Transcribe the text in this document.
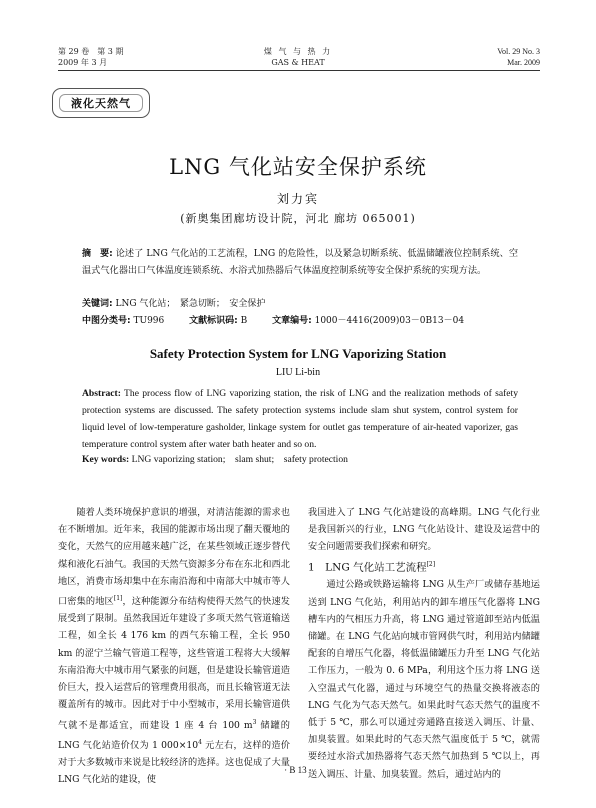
第 29 卷　第 3 期
2009 年 3 月
煤 气 与 热 力
GAS & HEAT
Vol. 29 No. 3
Mar. 2009
液化天然气
LNG 气化站安全保护系统
刘力宾
(新奥集团廊坊设计院，河北 廊坊 065001)
摘　要: 论述了 LNG 气化站的工艺流程，LNG 的危险性，以及紧急切断系统、低温储罐液位控制系统、空温式气化器出口气体温度连锁系统、水浴式加热器后气体温度控制系统等安全保护系统的实现方法。
关键词: LNG 气化站；　紧急切断；　安全保护
中图分类号: TU996	文献标识码: B	文章编号: 1000－4416(2009)03－0B13－04
Safety Protection System for LNG Vaporizing Station
LIU Li-bin
Abstract: The process flow of LNG vaporizing station, the risk of LNG and the realization methods of safety protection systems are discussed. The safety protection systems include slam shut system, control system for liquid level of low-temperature gasholder, linkage system for outlet gas temperature of air-heated vaporizer, gas temperature control system after water bath heater and so on.
Key words: LNG vaporizing station;　slam shut;　safety protection

随着人类环境保护意识的增强，对清洁能源的需求也在不断增加。近年来，我国的能源市场出现了翻天覆地的变化，天然气的应用越来越广泛，在某些领域正逐步替代煤和液化石油气。我国的天然气资源多分布在东北和西北地区，消费市场却集中在东南沿海和中南部大中城市等人口密集的地区[1]，这种能源分布结构使得天然气的快速发展受到了限制。虽然我国近年建设了多项天然气管道输送工程，如全长 4 176 km 的西气东输工程，全长 950 km 的涩宁兰输气管道工程等，这些管道工程将大大缓解东南沿海大中城市用气紧张的问题，但是建设长输管道造价巨大，投入运营后的管理费用很高，而且长输管道无法覆盖所有的城市。因此对于中小型城市，采用长输管道供气就不是都适宜，而建设 1 座 4 台 100 $m^3$ 储罐的 LNG 气化站造价仅为 1 $000\times 10^4$ 元左右，这样的造价对于大多数城市来说是比较经济的选择。这也促成了大量 LNG 气化站的建设，使

我国进入了 LNG 气化站建设的高峰期。LNG 气化行业是我国新兴的行业，LNG 气化站设计、建设及运营中的安全问题需要我们探索和研究。

1　LNG 气化站工艺流程[2]

通过公路或铁路运输将 LNG 从生产厂或储存基地运送到 LNG 气化站，利用站内的卸车增压气化器将 LNG 槽车内的气相压力升高，将 LNG 通过管道卸至站内低温储罐。在 LNG 气化站向城市管网供气时，利用站内储罐配套的自增压气化器，将低温储罐压力升至 LNG 气化站工作压力，一般为 0. 6 MPa，利用这个压力将 LNG 送入空温式气化器，通过与环境空气的热量交换将液态的 LNG 气化为气态天然气。如果此时气态天然气的温度不低于 5 ℃，那么可以通过旁通路直接送入调压、计量、加臭装置。如果此时的气态天然气温度低于 5 ℃，就需要经过水浴式加热器将气态天然气加热到 5 ℃以上，再送入调压、计量、加臭装置。然后，通过站内的

· B 13 ·
